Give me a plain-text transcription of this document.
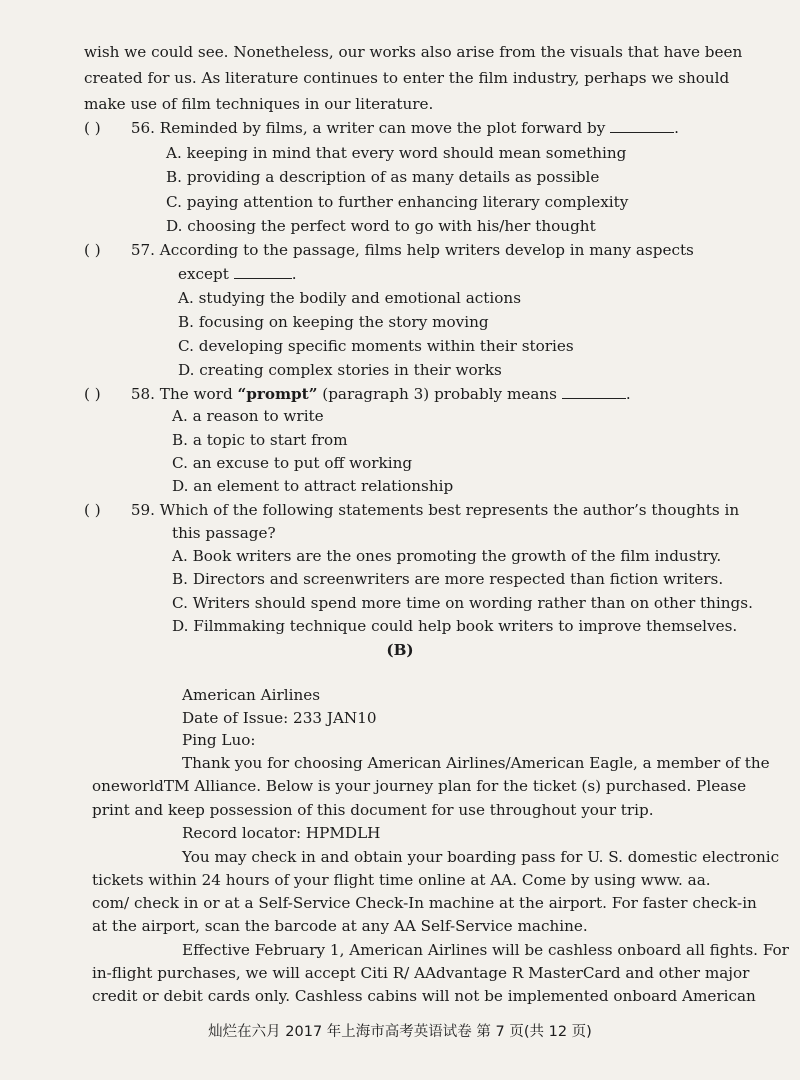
wish we could see. Nonetheless, our works also arise from the visuals that have been
created for us. As literature continues to enter the film industry, perhaps we should
make use of film techniques in our literature.
( ) 56. Reminded by films, a writer can move the plot forward by	.
A. keeping in mind that every word should mean something
B. providing a description of as many details as possible
C. paying attention to further enhancing literary complexity
D. choosing the perfect word to go with his/her thought
( ) 57. According to the passage, films help writers develop in many aspects
except	.
A. studying the bodily and emotional actions
B. focusing on keeping the story moving
C. developing specific moments within their stories
D. creating complex stories in their works
( ) 58. The word “prompt” (paragraph 3) probably means	.
A. a reason to write
B. a topic to start from
C. an excuse to put off working
D. an element to attract relationship
( ) 59. Which of the following statements best represents the author’s thoughts in
this passage?
A. Book writers are the ones promoting the growth of the film industry.
B. Directors and screenwriters are more respected than fiction writers.
C. Writers should spend more time on wording rather than on other things.
D. Filmmaking technique could help book writers to improve themselves.
(B)
American Airlines
Date of Issue: 233 JAN10
Ping Luo:
Thank you for choosing American Airlines/American Eagle, a member of the
oneworldTM Alliance. Below is your journey plan for the ticket (s) purchased. Please
print and keep possession of this document for use throughout your trip.
Record locator: HPMDLH
You may check in and obtain your boarding pass for U. S. domestic electronic
tickets within 24 hours of your flight time online at AA. Come by using www. aa.
com/ check in or at a Self-Service Check-In machine at the airport. For faster check-in
at the airport, scan the barcode at any AA Self-Service machine.
Effective February 1, American Airlines will be cashless onboard all fights. For
in-flight purchases, we will accept Citi R/ AAdvantage R MasterCard and other major
credit or debit cards only. Cashless cabins will not be implemented onboard American
灿烂在六月 2017 年上海市高考英语试卷 第 7 页(共 12 页)
